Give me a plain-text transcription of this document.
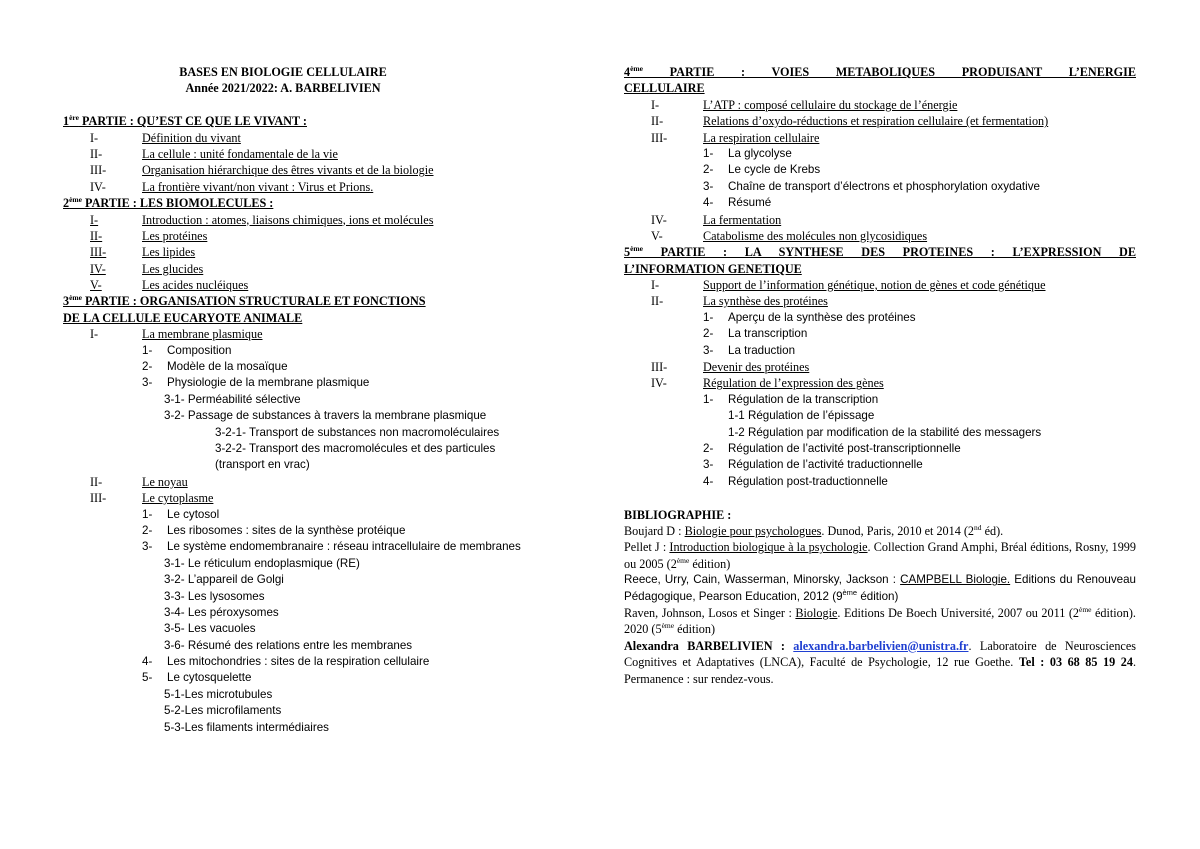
BASES EN BIOLOGIE CELLULAIRE
Année 2021/2022: A. BARBELIVIEN
1ère PARTIE : QU’EST CE QUE LE VIVANT :
I-	Définition du vivant
II-	La cellule : unité fondamentale de la vie
III-	Organisation hiérarchique des êtres vivants et de la biologie
IV-	La frontière vivant/non vivant : Virus et Prions.
2ème PARTIE : LES BIOMOLECULES :
I-	Introduction : atomes, liaisons chimiques, ions et molécules
II-	Les protéines
III-	Les lipides
IV-	Les glucides
V-	Les acides nucléiques
3ème PARTIE : ORGANISATION STRUCTURALE ET FONCTIONS
DE LA CELLULE EUCARYOTE ANIMALE
I-	La membrane plasmique
1- Composition
2- Modèle de la mosaïque
3- Physiologie de la membrane plasmique
3-1- Perméabilité sélective
3-2- Passage de substances à travers la membrane plasmique
3-2-1- Transport de substances non macromoléculaires
3-2-2- Transport des macromolécules et des particules
(transport en vrac)
II-	Le noyau
III-	Le cytoplasme
1- Le cytosol
2- Les ribosomes : sites de la synthèse protéique
3- Le système endomembranaire : réseau intracellulaire de membranes
3-1- Le réticulum endoplasmique (RE)
3-2- L’appareil de Golgi
3-3- Les lysosomes
3-4- Les péroxysomes
3-5- Les vacuoles
3-6- Résumé des relations entre les membranes
4- Les mitochondries : sites de la respiration cellulaire
5- Le cytosquelette
5-1-Les microtubules
5-2-Les microfilaments
5-3-Les filaments intermédiaires
4ème PARTIE : VOIES METABOLIQUES PRODUISANT L’ENERGIE
CELLULAIRE
I-	L’ATP : composé cellulaire du stockage de l’énergie
II-	Relations d’oxydo-réductions et respiration cellulaire (et fermentation)
III-	La respiration cellulaire
1- La glycolyse
2- Le cycle de Krebs
3- Chaîne de transport d’électrons et phosphorylation oxydative
4- Résumé
IV-	La fermentation
V-	Catabolisme des molécules non glycosidiques
5ème PARTIE : LA SYNTHESE DES PROTEINES : L’EXPRESSION DE
L’INFORMATION GENETIQUE
I-	Support de l’information génétique, notion de gènes et code génétique
II-	La synthèse des protéines
1- Aperçu de la synthèse des protéines
2- La transcription
3- La traduction
III-	Devenir des protéines
IV-	Régulation de l’expression des gènes
1- Régulation de la transcription
1-1 Régulation de l’épissage
1-2 Régulation par modification de la stabilité des messagers
2- Régulation de l’activité post-transcriptionnelle
3- Régulation de l’activité traductionnelle
4- Régulation post-traductionnelle
BIBLIOGRAPHIE :
Boujard D : Biologie pour psychologues. Dunod, Paris, 2010 et 2014 (2nd éd).
Pellet J : Introduction biologique à la psychologie. Collection Grand Amphi, Bréal éditions, Rosny, 1999 ou 2005 (2ème édition)
Reece, Urry, Cain, Wasserman, Minorsky, Jackson : CAMPBELL Biologie. Editions du Renouveau Pédagogique, Pearson Education, 2012 (9ème édition)
Raven, Johnson, Losos et Singer : Biologie. Editions De Boech Université, 2007 ou 2011 (2ème édition). 2020 (5ème édition)
Alexandra BARBELIVIEN : alexandra.barbelivien@unistra.fr. Laboratoire de Neurosciences Cognitives et Adaptatives (LNCA), Faculté de Psychologie, 12 rue Goethe. Tel : 03 68 85 19 24. Permanence : sur rendez-vous.
